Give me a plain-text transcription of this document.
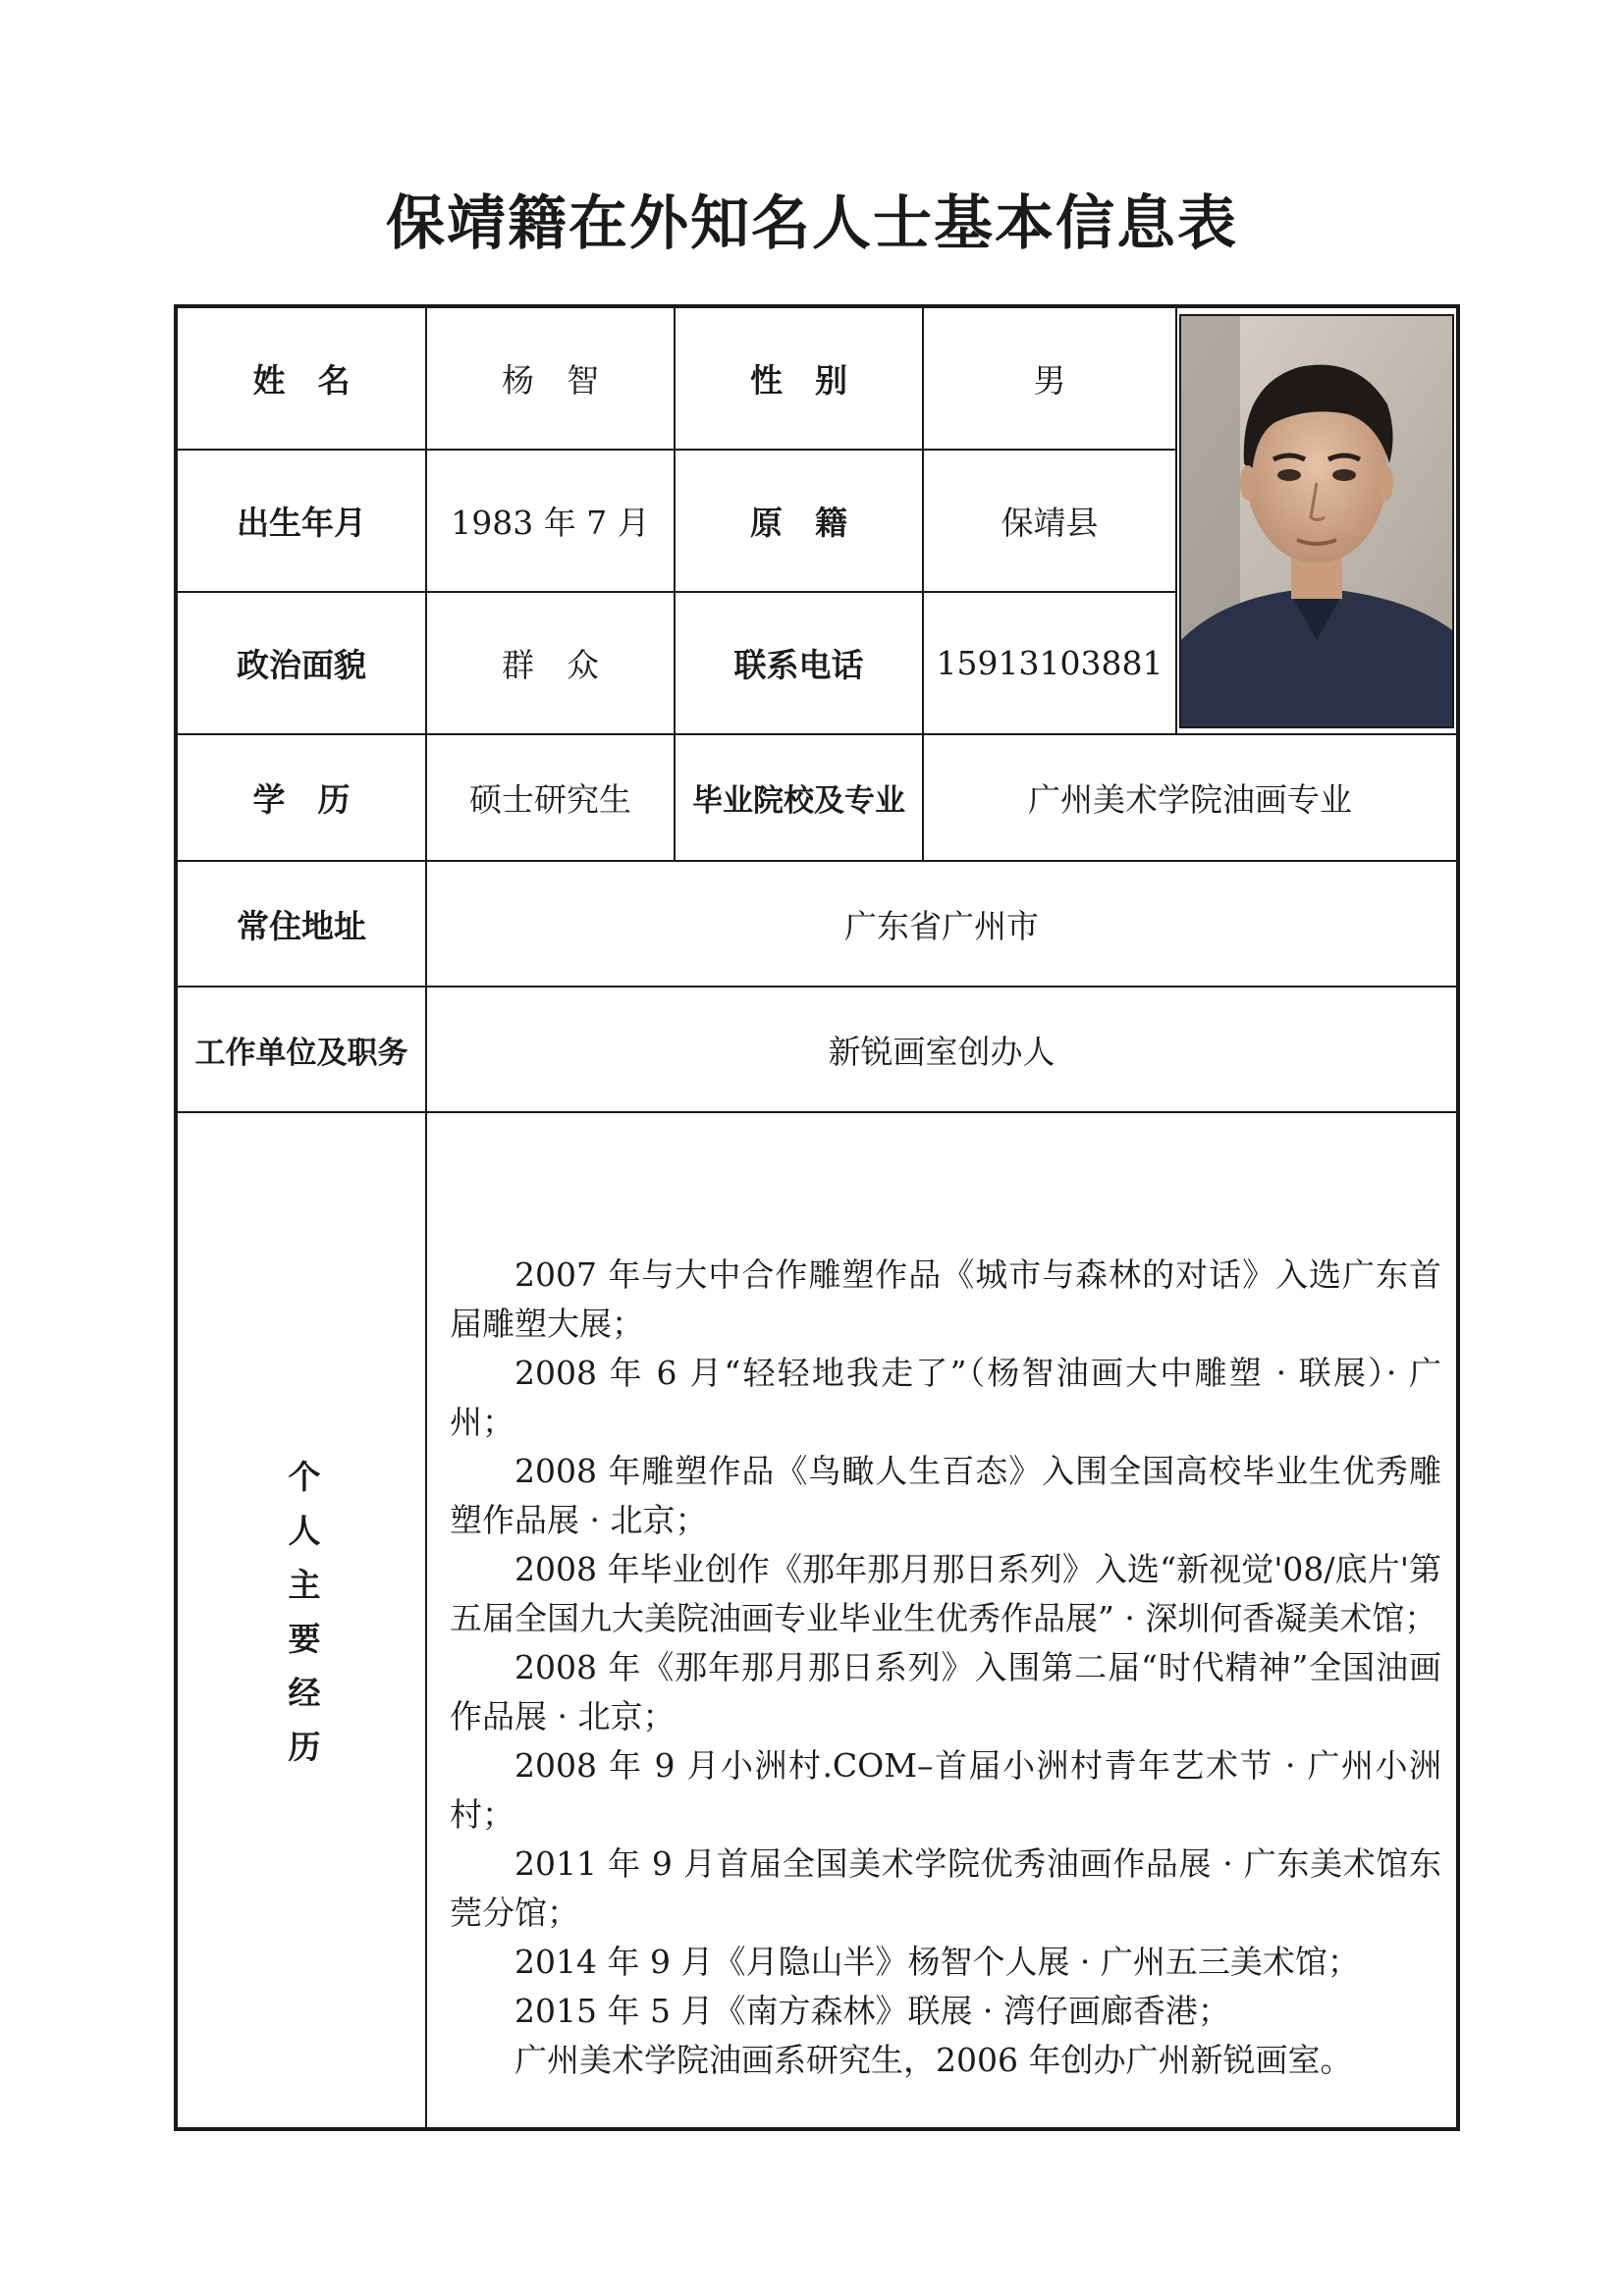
保靖籍在外知名人士基本信息表
姓　名	杨　智	性　别	男
出生年月	1983 年 7 月	原　籍	保靖县
政治面貌	群　众	联系电话	15913103881
学　历	硕士研究生	毕业院校及专业	广州美术学院油画专业
常住地址	广东省广州市
工作单位及职务	新锐画室创办人
个人主要经历

2007 年与大中合作雕塑作品《城市与森林的对话》入选广东首届雕塑大展；

2008 年 6 月“轻轻地我走了”（杨智油画大中雕塑 · 联展）· 广州；

2008 年雕塑作品《鸟瞰人生百态》入围全国高校毕业生优秀雕塑作品展 · 北京；

2008 年毕业创作《那年那月那日系列》入选“新视觉'08/底片'第五届全国九大美院油画专业毕业生优秀作品展” · 深圳何香凝美术馆；

2008 年《那年那月那日系列》入围第二届“时代精神”全国油画作品展 · 北京；

2008 年 9 月小洲村.COM–首届小洲村青年艺术节 · 广州小洲村；

2011 年 9 月首届全国美术学院优秀油画作品展 · 广东美术馆东莞分馆；

2014 年 9 月《月隐山半》杨智个人展 · 广州五三美术馆；

2015 年 5 月《南方森林》联展 · 湾仔画廊香港；

广州美术学院油画系研究生，2006 年创办广州新锐画室。
